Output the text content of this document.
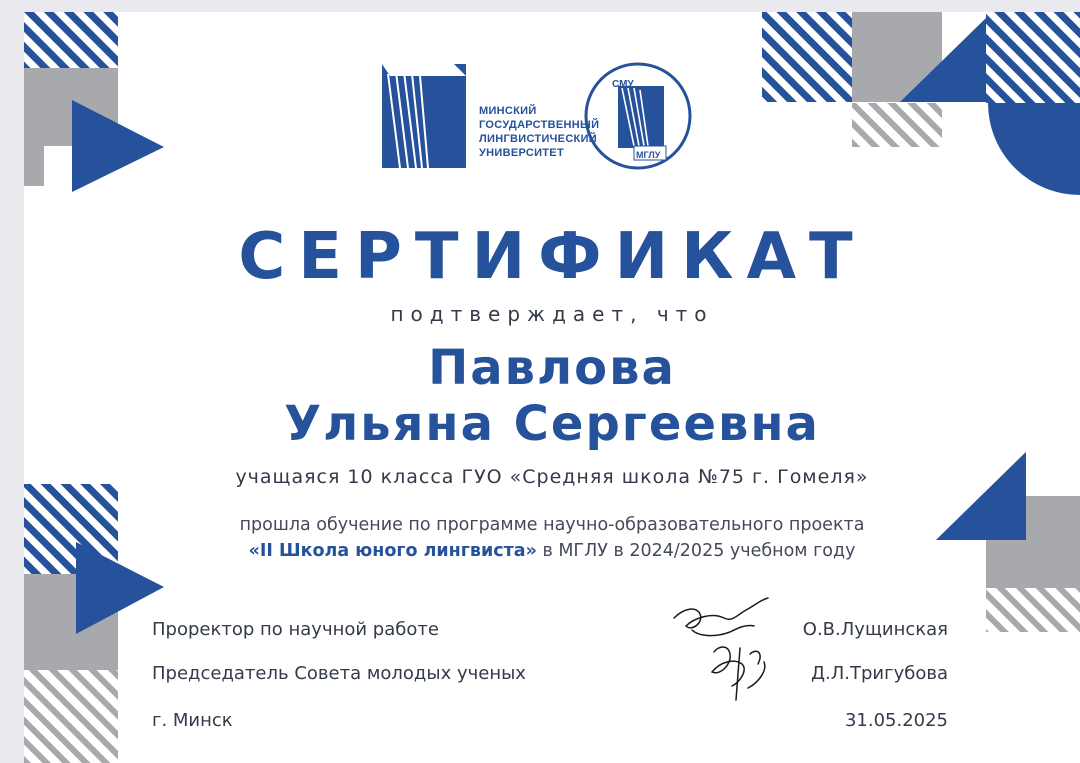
МИНСКИЙ
ГОСУДАРСТВЕННЫЙ
ЛИНГВИСТИЧЕСКИЙ
УНИВЕРСИТЕТ
СМУ
МГЛУ

СЕРТИФИКАТ

подтверждает, что

Павлова

Ульяна Сергеевна

учащаяся 10 класса ГУО «Средняя школа №75 г. Гомеля»

прошла обучение по программе научно-образовательного проекта

«II Школа юного лингвиста» в МГЛУ в 2024/2025 учебном году

Проректор по научной работе	О.В.Лущинская

Председатель Совета молодых ученых	Д.Л.Тригубова

г. Минск	31.05.2025
